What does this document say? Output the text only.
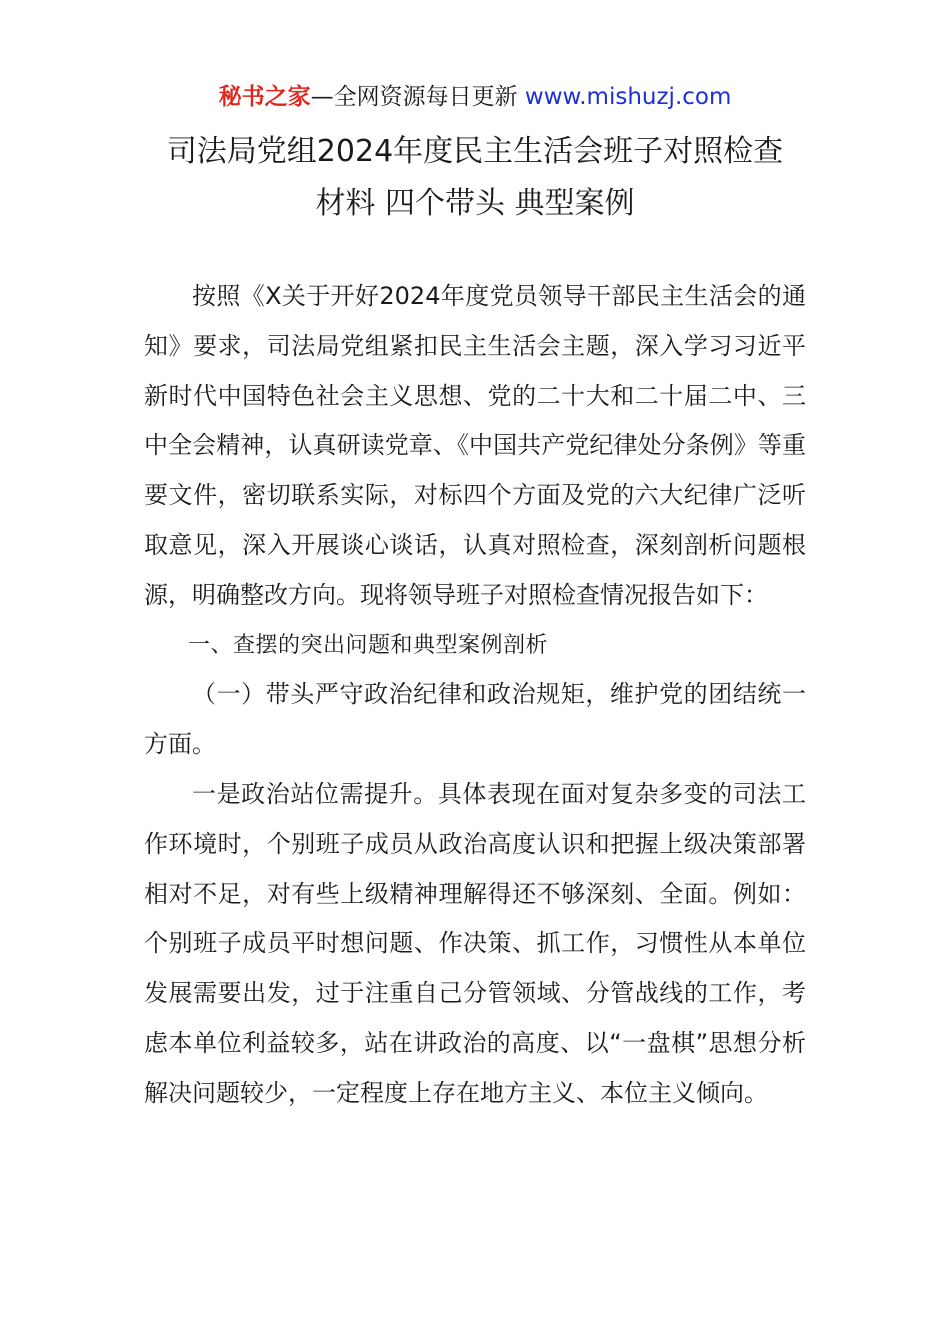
秘书之家—全网资源每日更新 www.mishuzj.com
司法局党组2024年度民主生活会班子对照检查
材料 四个带头 典型案例

按照《X关于开好2024年度党员领导干部民主生活会的通知》要求，司法局党组紧扣民主生活会主题，深入学习习近平新时代中国特色社会主义思想、党的二十大和二十届二中、三中全会精神，认真研读党章、《中国共产党纪律处分条例》等重要文件，密切联系实际，对标四个方面及党的六大纪律广泛听取意见，深入开展谈心谈话，认真对照检查，深刻剖析问题根源，明确整改方向。现将领导班子对照检查情况报告如下：

一、查摆的突出问题和典型案例剖析

（一）带头严守政治纪律和政治规矩，维护党的团结统一方面。

一是政治站位需提升。具体表现在面对复杂多变的司法工作环境时，个别班子成员从政治高度认识和把握上级决策部署相对不足，对有些上级精神理解得还不够深刻、全面。例如：个别班子成员平时想问题、作决策、抓工作，习惯性从本单位发展需要出发，过于注重自己分管领域、分管战线的工作，考虑本单位利益较多，站在讲政治的高度、以“一盘棋”思想分析解决问题较少，一定程度上存在地方主义、本位主义倾向。
